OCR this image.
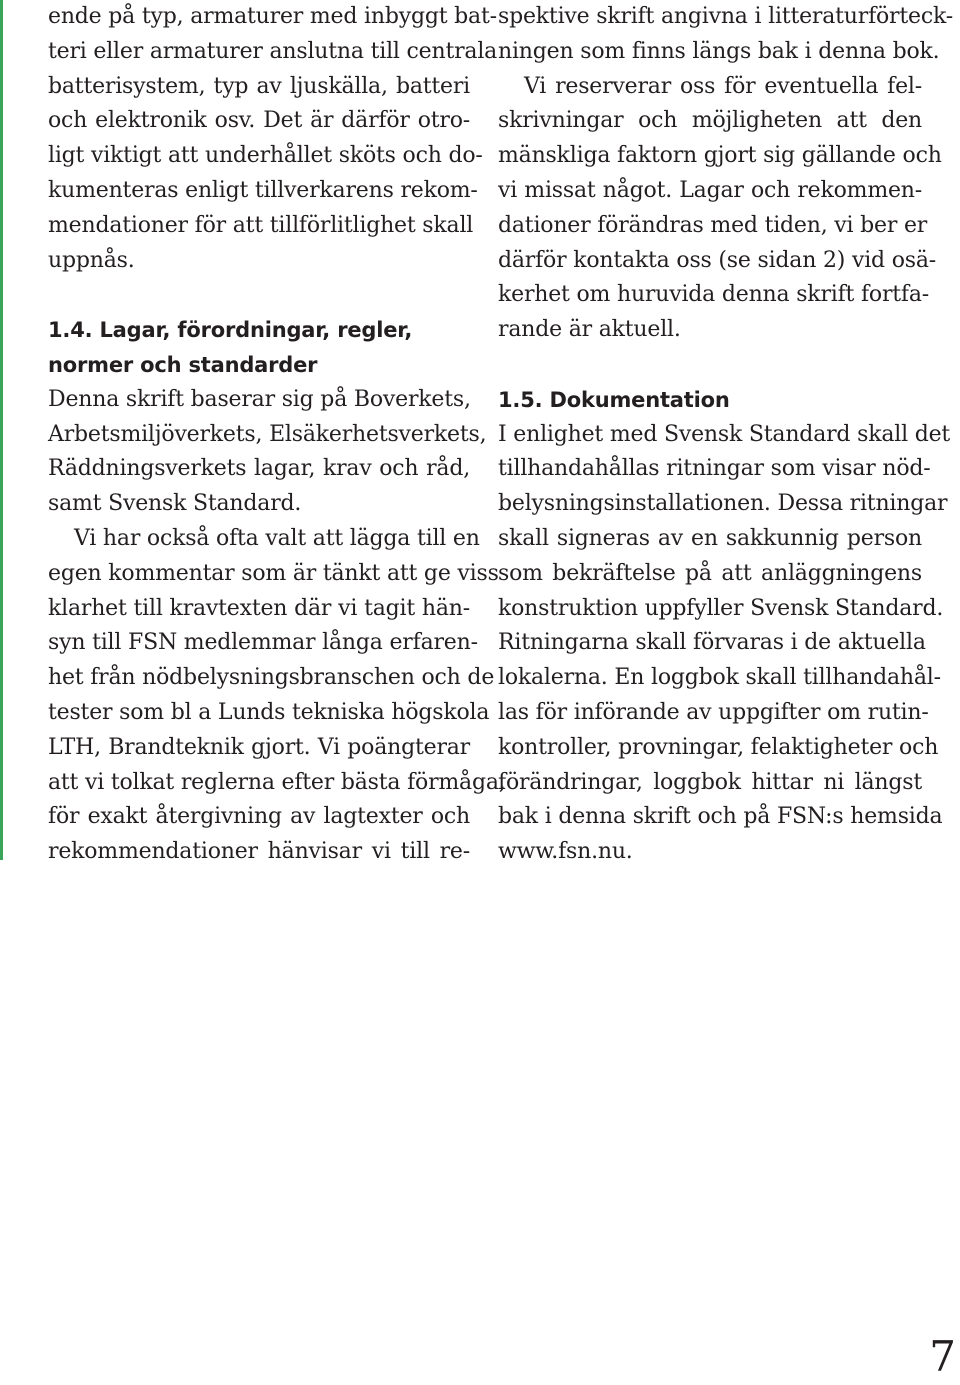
ende på typ, armaturer med inbyggt bat-

teri eller armaturer anslutna till centrala

batterisystem, typ av ljuskälla, batteri

och elektronik osv. Det är därför otro-

ligt viktigt att underhållet sköts och do-

kumenteras enligt tillverkarens rekom-

mendationer för att tillförlitlighet skall

uppnås.

1.4. Lagar, förordningar, regler,

normer och standarder

Denna skrift baserar sig på Boverkets,

Arbetsmiljöverkets, Elsäkerhetsverkets,

Räddningsverkets lagar, krav och råd,

samt Svensk Standard.

Vi har också ofta valt att lägga till en

egen kommentar som är tänkt att ge viss

klarhet till kravtexten där vi tagit hän-

syn till FSN medlemmar långa erfaren-

het från nödbelysningsbranschen och de

tester som bl a Lunds tekniska högskola

LTH, Brandteknik gjort. Vi poängterar

att vi tolkat reglerna efter bästa förmåga,

för exakt återgivning av lagtexter och

rekommendationer hänvisar vi till re-

spektive skrift angivna i litteraturförteck-

ningen som finns längs bak i denna bok.

Vi reserverar oss för eventuella fel-

skrivningar och möjligheten att den

mänskliga faktorn gjort sig gällande och

vi missat något. Lagar och rekommen-

dationer förändras med tiden, vi ber er

därför kontakta oss (se sidan 2) vid osä-

kerhet om huruvida denna skrift fortfa-

rande är aktuell.

1.5. Dokumentation

I enlighet med Svensk Standard skall det

tillhandahållas ritningar som visar nöd-

belysningsinstallationen. Dessa ritningar

skall signeras av en sakkunnig person

som bekräftelse på att anläggningens

konstruktion uppfyller Svensk Standard.

Ritningarna skall förvaras i de aktuella

lokalerna. En loggbok skall tillhandahål-

las för införande av uppgifter om rutin-

kontroller, provningar, felaktigheter och

förändringar, loggbok hittar ni längst

bak i denna skrift och på FSN:s hemsida

www.fsn.nu.

7
